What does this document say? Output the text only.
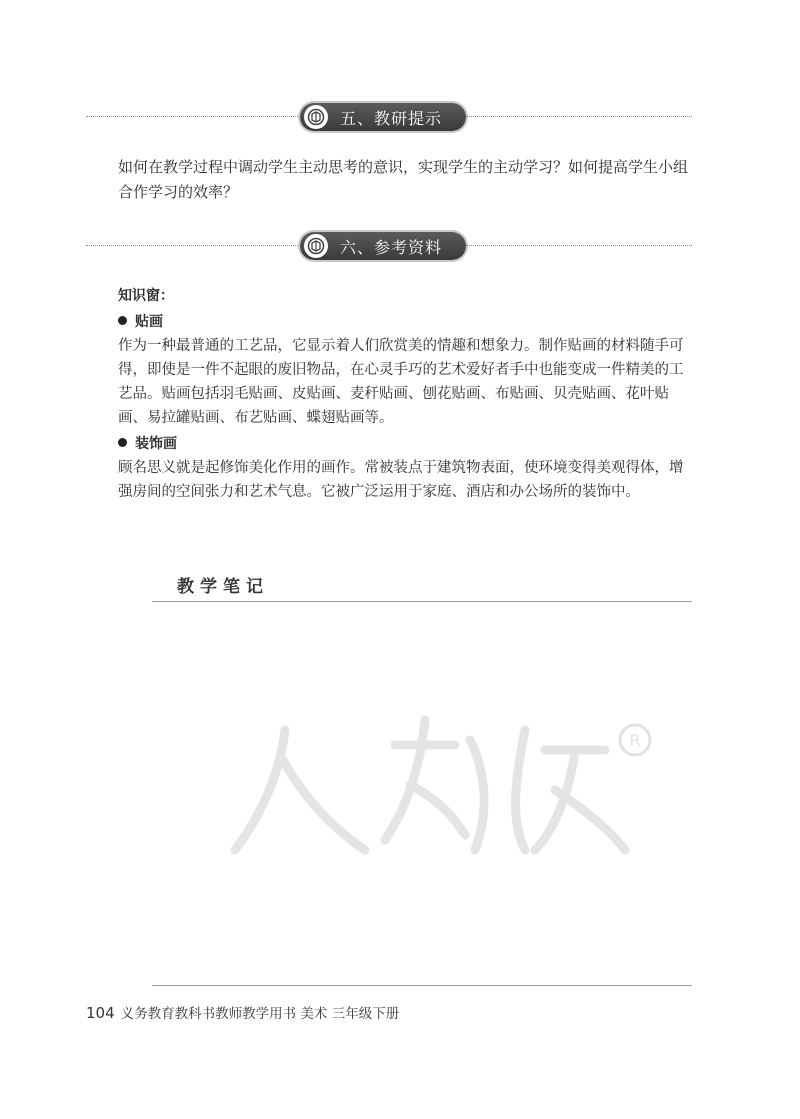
五、教研提示

如何在教学过程中调动学生主动思考的意识，实现学生的主动学习？如何提高学生小组合作学习的效率？

六、参考资料
知识窗：
贴画
作为一种最普通的工艺品，它显示着人们欣赏美的情趣和想象力。制作贴画的材料随手可得，即使是一件不起眼的废旧物品，在心灵手巧的艺术爱好者手中也能变成一件精美的工艺品。贴画包括羽毛贴画、皮贴画、麦秆贴画、刨花贴画、布贴画、贝壳贴画、花叶贴画、易拉罐贴画、布艺贴画、蝶翅贴画等。
装饰画
顾名思义就是起修饰美化作用的画作。常被装点于建筑物表面，使环境变得美观得体，增强房间的空间张力和艺术气息。它被广泛运用于家庭、酒店和办公场所的装饰中。
教学笔记
R
人教版
104 义务教育教科书教师教学用书 美术 三年级下册
